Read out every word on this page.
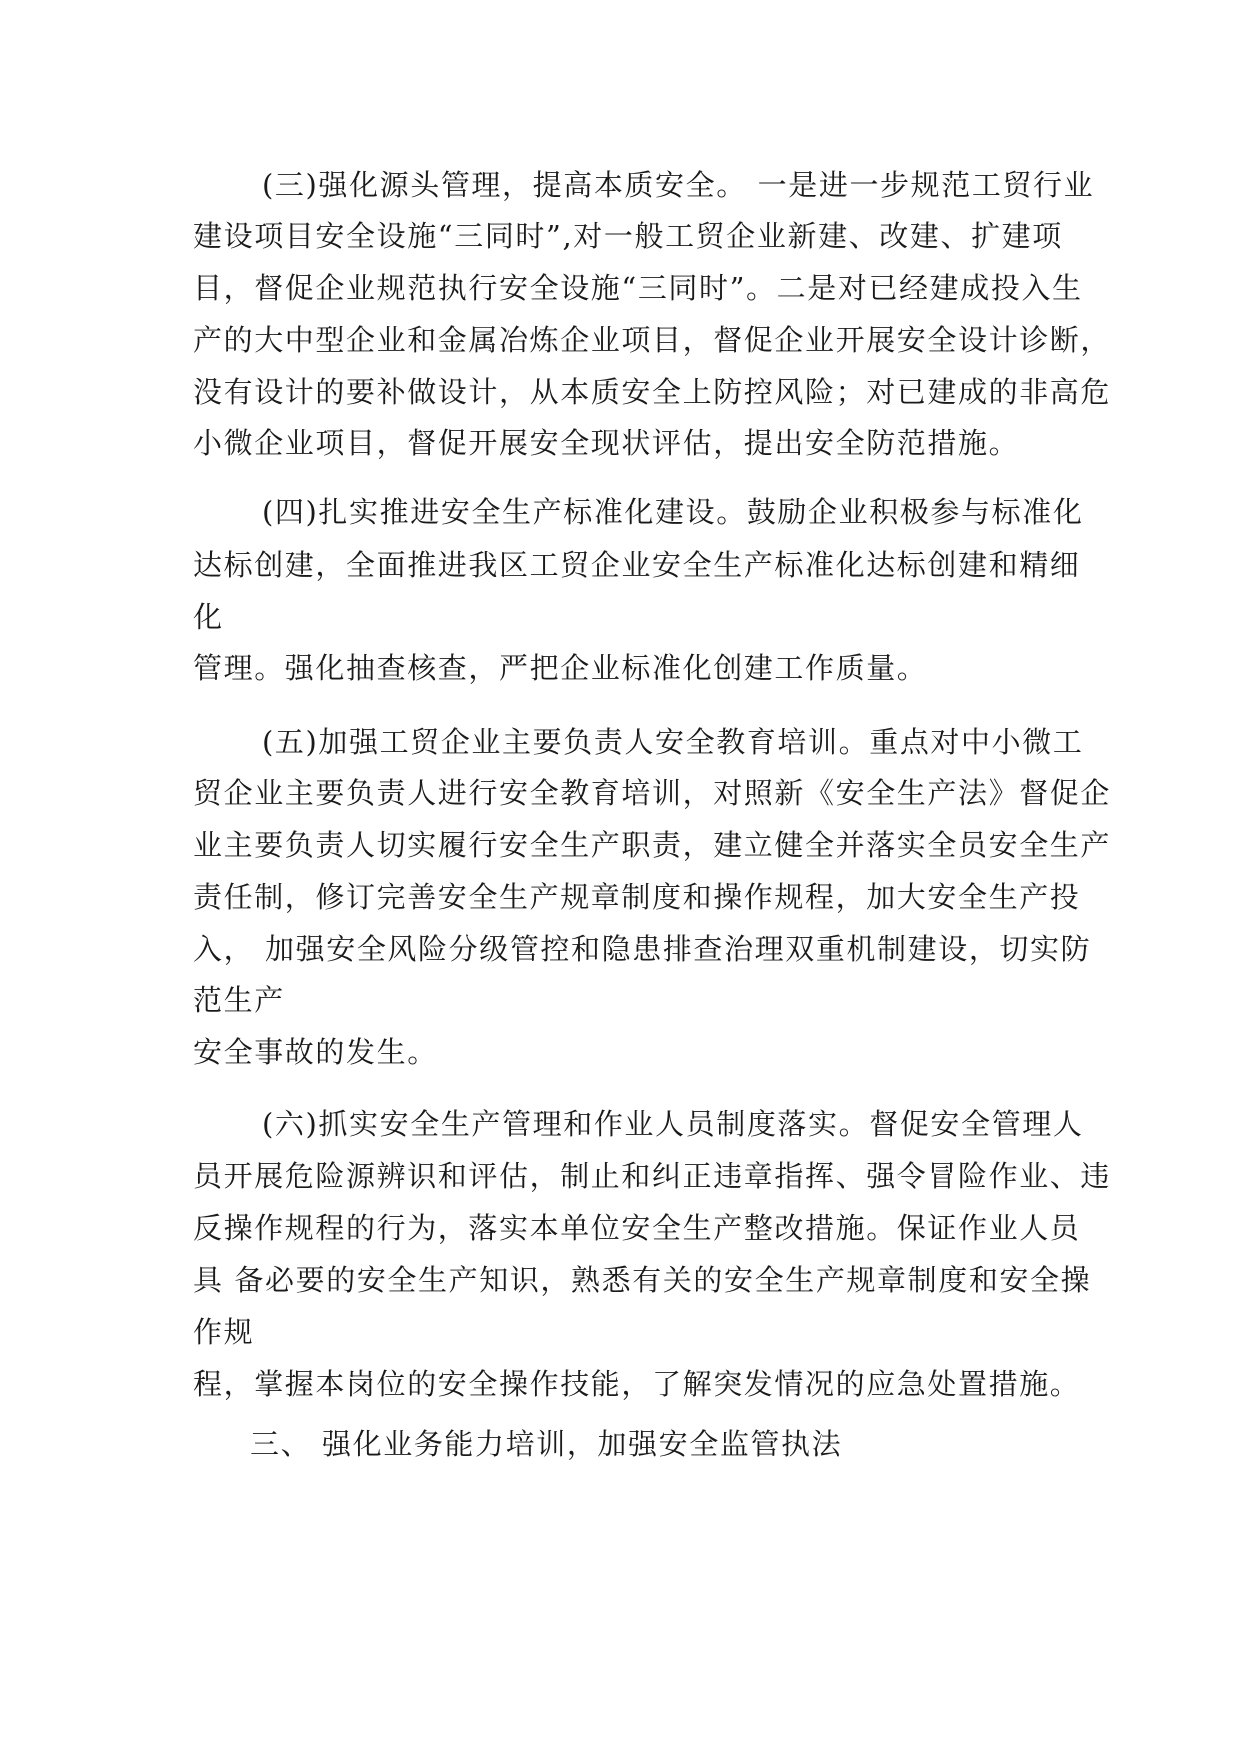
(三)强化源头管理，提高本质安全。 一是进一步规范工贸行业
建设项目安全设施“三同时”,对一般工贸企业新建、改建、扩建项
目，督促企业规范执行安全设施“三同时”。二是对已经建成投入生
产的大中型企业和金属冶炼企业项目，督促企业开展安全设计诊断，
没有设计的要补做设计，从本质安全上防控风险；对已建成的非高危
小微企业项目，督促开展安全现状评估，提出安全防范措施。
(四)扎实推进安全生产标准化建设。鼓励企业积极参与标准化
达标创建，全面推进我区工贸企业安全生产标准化达标创建和精细
化
管理。强化抽查核查，严把企业标准化创建工作质量。
(五)加强工贸企业主要负责人安全教育培训。重点对中小微工
贸企业主要负责人进行安全教育培训，对照新《安全生产法》督促企
业主要负责人切实履行安全生产职责，建立健全并落实全员安全生产
责任制，修订完善安全生产规章制度和操作规程，加大安全生产投
入， 加强安全风险分级管控和隐患排查治理双重机制建设，切实防
范生产
安全事故的发生。
(六)抓实安全生产管理和作业人员制度落实。督促安全管理人
员开展危险源辨识和评估，制止和纠正违章指挥、强令冒险作业、违
反操作规程的行为，落实本单位安全生产整改措施。保证作业人员
具 备必要的安全生产知识，熟悉有关的安全生产规章制度和安全操
作规
程，掌握本岗位的安全操作技能，了解突发情况的应急处置措施。
三、 强化业务能力培训，加强安全监管执法
